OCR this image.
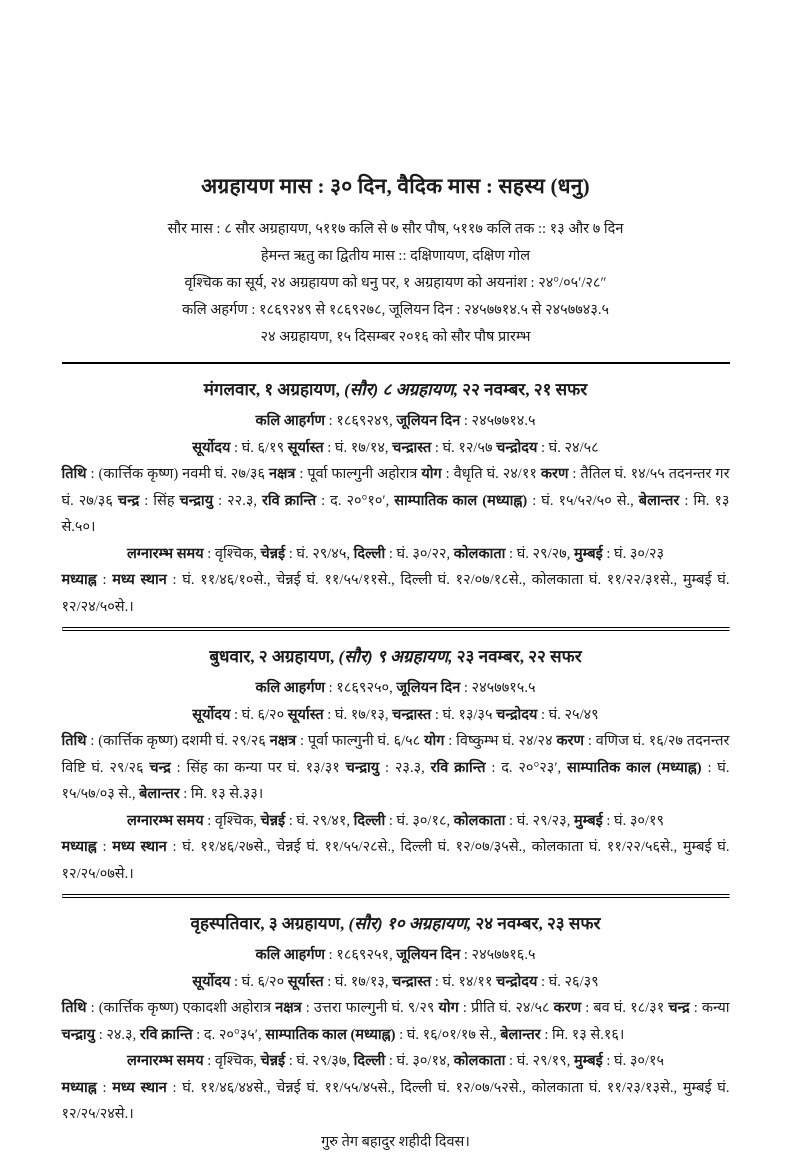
अग्रहायण मास : ३० दिन, वैदिक मास : सहस्य (धनु)

सौर मास : ८ सौर अग्रहायण, ५११७ कलि से ७ सौर पौष, ५११७ कलि तक :: १३ और ७ दिन

हेमन्त ऋतु का द्वितीय मास :: दक्षिणायण, दक्षिण गोल

वृश्चिक का सूर्य, २४ अग्रहायण को धनु पर, १ अग्रहायण को अयनांश : २४°/०५′/२८″

कलि अहर्गण : १८६९२४९ से १८६९२७८, जूलियन दिन : २४५७७१४.५ से २४५७७४३.५

२४ अग्रहायण, १५ दिसम्बर २०१६ को सौर पौष प्रारम्भ

मंगलवार, १ अग्रहायण, (सौर) ८ अग्रहायण, २२ नवम्बर, २१ सफर

कलि आहर्गण : १८६९२४९, जूलियन दिन : २४५७७१४.५

सूर्योदय : घं. ६/१९ सूर्यास्त : घं. १७/१४, चन्द्रास्त : घं. १२/५७ चन्द्रोदय : घं. २४/५८

तिथि : (कार्त्तिक कृष्ण) नवमी घं. २७/३६ नक्षत्र : पूर्वा फाल्गुनी अहोरात्र योग : वैधृति घं. २४/११ करण : तैतिल घं. १४/५५ तदनन्तर गर घं. २७/३६ चन्द्र : सिंह चन्द्रायु : २२.३, रवि क्रान्ति : द. २०°१०′, साम्पातिक काल (मध्याह्न) : घं. १५/५२/५० से., बेलान्तर : मि. १३ से.५०।

लग्नारम्भ समय : वृश्चिक, चेन्नई : घं. २९/४५, दिल्ली : घं. ३०/२२, कोलकाता : घं. २९/२७, मुम्बई : घं. ३०/२३

मध्याह्न : मध्य स्थान : घं. ११/४६/१०से., चेन्नई घं. ११/५५/११से., दिल्ली घं. १२/०७/१८से., कोलकाता घं. ११/२२/३१से., मुम्बई घं. १२/२४/५०से.।

बुधवार, २ अग्रहायण, (सौर) ९ अग्रहायण, २३ नवम्बर, २२ सफर

कलि आहर्गण : १८६९२५०, जूलियन दिन : २४५७७१५.५

सूर्योदय : घं. ६/२० सूर्यास्त : घं. १७/१३, चन्द्रास्त : घं. १३/३५ चन्द्रोदय : घं. २५/४९

तिथि : (कार्त्तिक कृष्ण) दशमी घं. २९/२६ नक्षत्र : पूर्वा फाल्गुनी घं. ६/५८ योग : विष्कुम्भ घं. २४/२४ करण : वणिज घं. १६/२७ तदनन्तर विष्टि घं. २९/२६ चन्द्र : सिंह का कन्या पर घं. १३/३१ चन्द्रायु : २३.३, रवि क्रान्ति : द. २०°२३′, साम्पातिक काल (मध्याह्न) : घं. १५/५७/०३ से., बेलान्तर : मि. १३ से.३३।

लग्नारम्भ समय : वृश्चिक, चेन्नई : घं. २९/४१, दिल्ली : घं. ३०/१८, कोलकाता : घं. २९/२३, मुम्बई : घं. ३०/१९

मध्याह्न : मध्य स्थान : घं. ११/४६/२७से., चेन्नई घं. ११/५५/२८से., दिल्ली घं. १२/०७/३५से., कोलकाता घं. ११/२२/५६से., मुम्बई घं. १२/२५/०७से.।

वृहस्पतिवार, ३ अग्रहायण, (सौर) १० अग्रहायण, २४ नवम्बर, २३ सफर

कलि आहर्गण : १८६९२५१, जूलियन दिन : २४५७७१६.५

सूर्योदय : घं. ६/२० सूर्यास्त : घं. १७/१३, चन्द्रास्त : घं. १४/११ चन्द्रोदय : घं. २६/३९

तिथि : (कार्त्तिक कृष्ण) एकादशी अहोरात्र नक्षत्र : उत्तरा फाल्गुनी घं. ९/२९ योग : प्रीति घं. २४/५८ करण : बव घं. १८/३१ चन्द्र : कन्या चन्द्रायु : २४.३, रवि क्रान्ति : द. २०°३५′, साम्पातिक काल (मध्याह्न) : घं. १६/०१/१७ से., बेलान्तर : मि. १३ से.१६।

लग्नारम्भ समय : वृश्चिक, चेन्नई : घं. २९/३७, दिल्ली : घं. ३०/१४, कोलकाता : घं. २९/१९, मुम्बई : घं. ३०/१५

मध्याह्न : मध्य स्थान : घं. ११/४६/४४से., चेन्नई घं. ११/५५/४५से., दिल्ली घं. १२/०७/५२से., कोलकाता घं. ११/२३/१३से., मुम्बई घं. १२/२५/२४से.।

गुरु तेग बहादुर शहीदी दिवस।
